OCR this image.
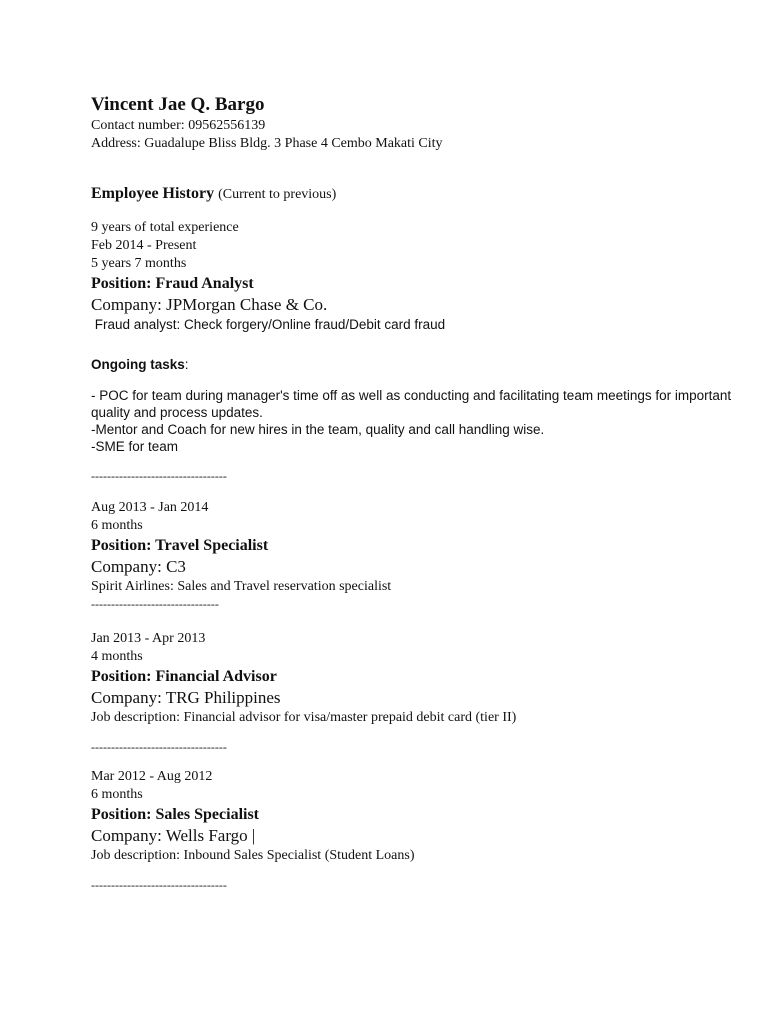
Vincent Jae Q. Bargo

Contact number: 09562556139

Address: Guadalupe Bliss Bldg. 3 Phase 4 Cembo Makati City

Employee History (Current to previous)

9 years of total experience

Feb 2014 - Present

5 years 7 months

Position: Fraud Analyst

Company: JPMorgan Chase & Co.

Fraud analyst: Check forgery/Online fraud/Debit card fraud

Ongoing tasks:

- POC for team during manager's time off as well as conducting and facilitating team meetings for important quality and process updates.

-Mentor and Coach for new hires in the team, quality and call handling wise.

-SME for team

----------------------------------

Aug 2013 - Jan 2014

6 months

Position: Travel Specialist

Company: C3

Spirit Airlines: Sales and Travel reservation specialist

--------------------------------

Jan 2013 - Apr 2013

4 months

Position: Financial Advisor

Company: TRG Philippines

Job description: Financial advisor for visa/master prepaid debit card (tier II)

----------------------------------

Mar 2012 - Aug 2012

6 months

Position: Sales Specialist

Company: Wells Fargo |

Job description: Inbound Sales Specialist (Student Loans)

----------------------------------
